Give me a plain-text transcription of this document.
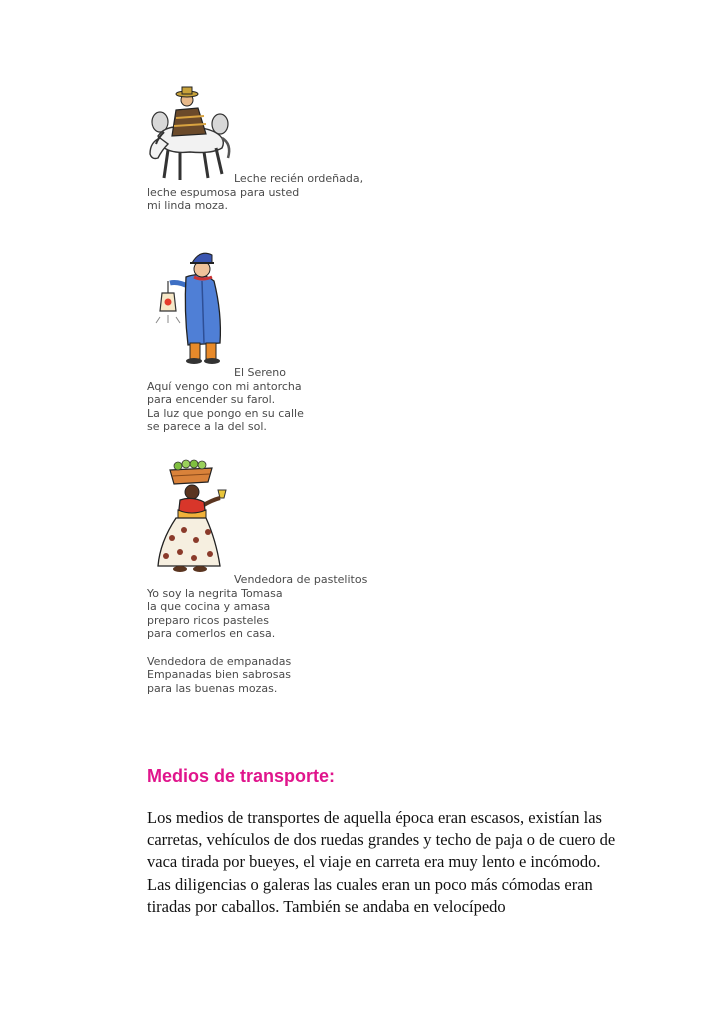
Leche recién ordeñada,
leche espumosa para usted
mi linda moza.
El Sereno
Aquí vengo con mi antorcha
para encender su farol.
La luz que pongo en su calle
se parece a la del sol.
Vendedora de pastelitos
Yo soy la negrita Tomasa
la que cocina y amasa
preparo ricos pasteles
para comerlos en casa.
Vendedora de empanadas
Empanadas bien sabrosas
para las buenas mozas.
Medios de transporte:

Los medios de transportes de aquella época eran escasos, existían las carretas, vehículos de dos ruedas grandes y techo de paja o de cuero de vaca tirada por bueyes, el viaje en carreta era muy lento e incómodo. Las diligencias o galeras las cuales eran un poco más cómodas eran tiradas por caballos. También se andaba en velocípedo
